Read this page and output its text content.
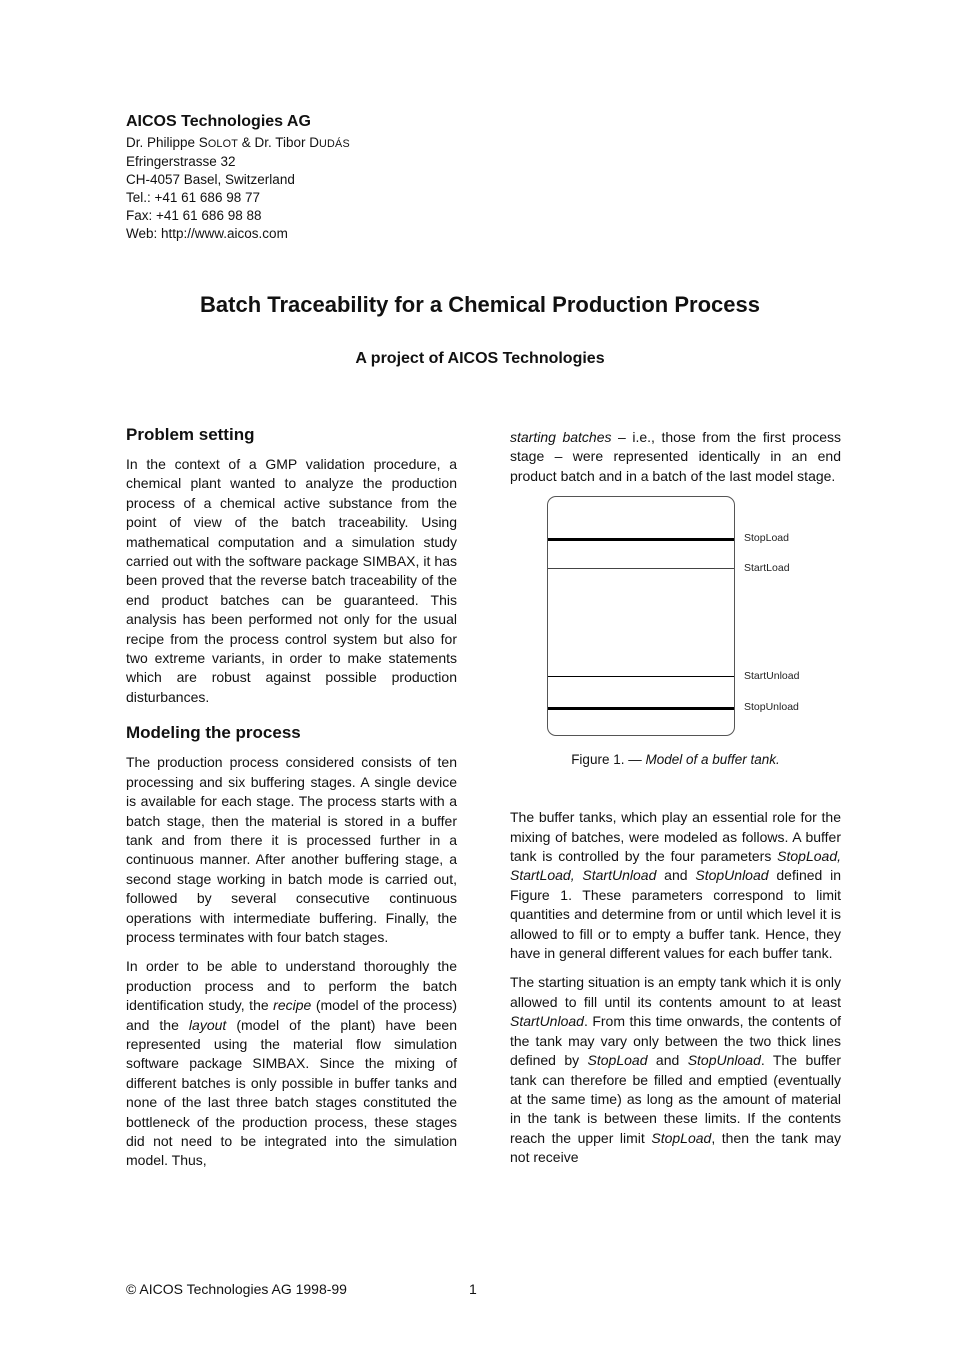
AICOS Technologies AG
Dr. Philippe SOLOT & Dr. Tibor DUDÁS
Efringerstrasse 32
CH-4057 Basel, Switzerland
Tel.: +41 61 686 98 77
Fax: +41 61 686 98 88
Web: http://www.aicos.com
Batch Traceability for a Chemical Production Process
A project of AICOS Technologies
Problem setting

In the context of a GMP validation procedure, a chemical plant wanted to analyze the production process of a chemical active substance from the point of view of the batch traceability. Using mathematical computation and a simulation study carried out with the software package SIMBAX, it has been proved that the reverse batch traceability of the end product batches can be guaranteed. This analysis has been performed not only for the usual recipe from the process control system but also for two extreme variants, in order to make statements which are robust against possible production disturbances.

Modeling the process

The production process considered consists of ten processing and six buffering stages. A single device is available for each stage. The process starts with a batch stage, then the material is stored in a buffer tank and from there it is processed further in a continuous manner. After another buffering stage, a second stage working in batch mode is carried out, followed by several consecutive continuous operations with intermediate buffering. Finally, the process terminates with four batch stages.

In order to be able to understand thoroughly the production process and to perform the batch identification study, the recipe (model of the process) and the layout (model of the plant) have been represented using the material flow simulation software package SIMBAX. Since the mixing of different batches is only possible in buffer tanks and none of the last three batch stages constituted the bottleneck of the production process, these stages did not need to be integrated into the simulation model. Thus,

starting batches – i.e., those from the first process stage – were represented identically in an end product batch and in a batch of the last model stage.

StopLoad
StartLoad
StartUnload
StopUnload
Figure 1. — Model of a buffer tank.

The buffer tanks, which play an essential role for the mixing of batches, were modeled as follows. A buffer tank is controlled by the four parameters StopLoad, StartLoad, StartUnload and StopUnload defined in Figure 1. These parameters correspond to limit quantities and determine from or until which level it is allowed to fill or to empty a buffer tank. Hence, they have in general different values for each buffer tank.

The starting situation is an empty tank which it is only allowed to fill until its contents amount to at least StartUnload. From this time onwards, the contents of the tank may vary only between the two thick lines defined by StopLoad and StopUnload. The buffer tank can therefore be filled and emptied (eventually at the same time) as long as the amount of material in the tank is between these limits. If the contents reach the upper limit StopLoad, then the tank may not receive

© AICOS Technologies AG 1998-99	1
